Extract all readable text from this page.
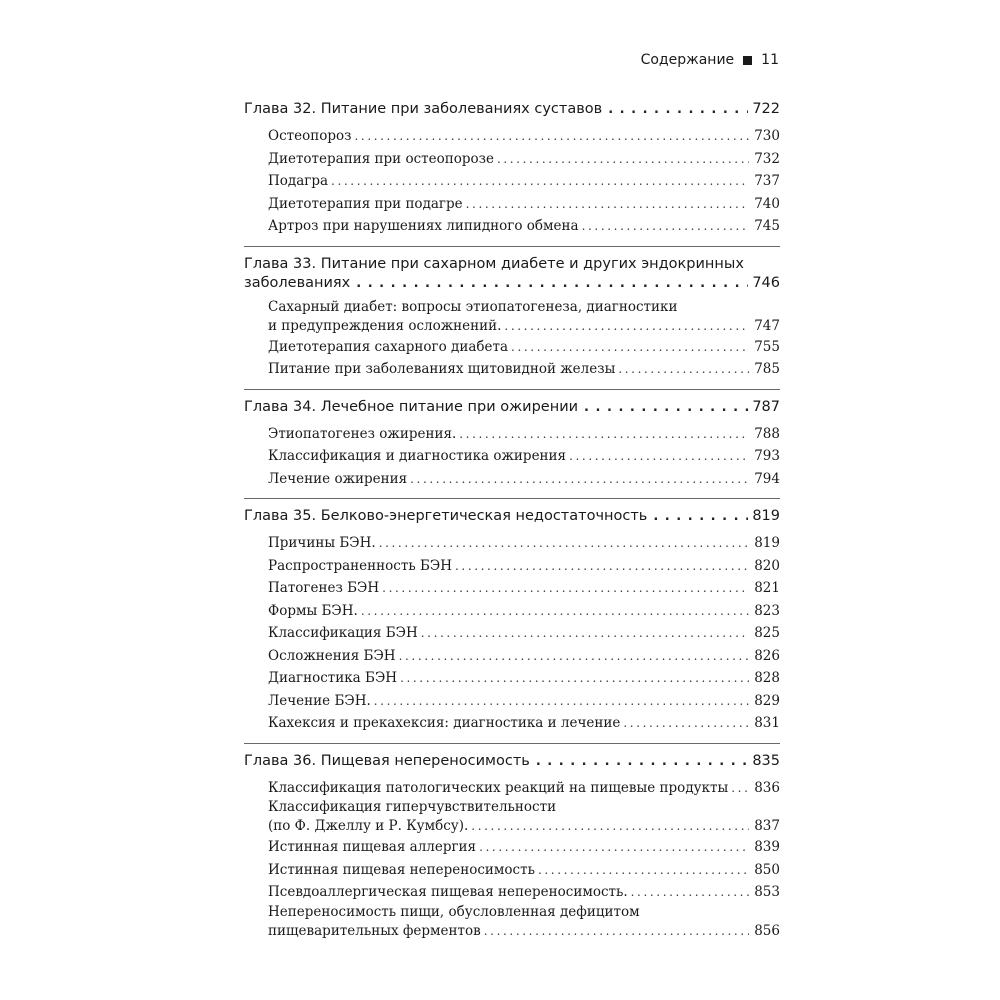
Содержание 11
Глава 32. Питание при заболеваниях суставов . . .	722
Остеопороз .....	730
Диетотерапия при остеопорозе .....	732
Подагра .....	737
Диетотерапия при подагре .....	740
Артроз при нарушениях липидного обмена .....	745
Глава 33. Питание при сахарном диабете и других эндокринных
заболеваниях . . .	746
Сахарный диабет: вопросы этиопатогенеза, диагностики
и предупреждения осложнений. .....	747
Диетотерапия сахарного диабета .....	755
Питание при заболеваниях щитовидной железы .....	785
Глава 34. Лечебное питание при ожирении . . .	787
Этиопатогенез ожирения. .....	788
Классификация и диагностика ожирения .....	793
Лечение ожирения .....	794
Глава 35. Белково-энергетическая недостаточность . . .	819
Причины БЭН. .....	819
Распространенность БЭН .....	820
Патогенез БЭН .....	821
Формы БЭН. .....	823
Классификация БЭН .....	825
Осложнения БЭН .....	826
Диагностика БЭН .....	828
Лечение БЭН. .....	829
Кахексия и прекахексия: диагностика и лечение .....	831
Глава 36. Пищевая непереносимость . . .	835
Классификация патологических реакций на пищевые продукты ..... 836
Классификация гиперчувствительности
(по Ф. Джеллу и Р. Кумбсу). .....	837
Истинная пищевая аллергия .....	839
Истинная пищевая непереносимость .....	850
Псевдоаллергическая пищевая непереносимость. .....	853
Непереносимость пищи, обусловленная дефицитом
пищеварительных ферментов .....	856
